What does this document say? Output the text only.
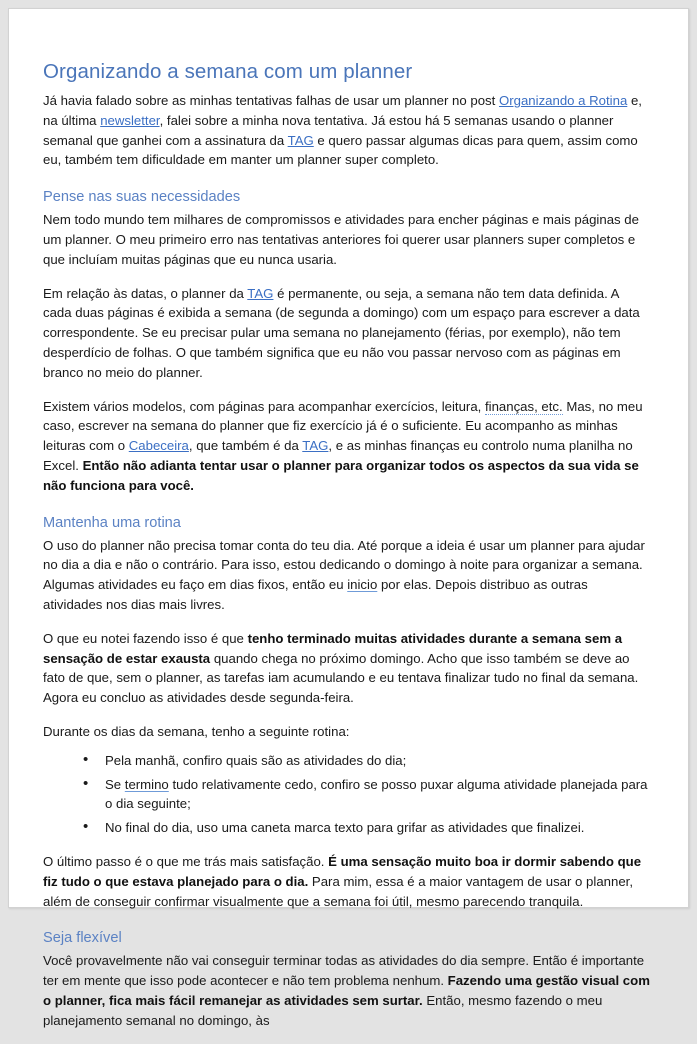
Organizando a semana com um planner

Já havia falado sobre as minhas tentativas falhas de usar um planner no post Organizando a Rotina e, na última newsletter, falei sobre a minha nova tentativa. Já estou há 5 semanas usando o planner semanal que ganhei com a assinatura da TAG e quero passar algumas dicas para quem, assim como eu, também tem dificuldade em manter um planner super completo.

Pense nas suas necessidades

Nem todo mundo tem milhares de compromissos e atividades para encher páginas e mais páginas de um planner. O meu primeiro erro nas tentativas anteriores foi querer usar planners super completos e que incluíam muitas páginas que eu nunca usaria.

Em relação às datas, o planner da TAG é permanente, ou seja, a semana não tem data definida. A cada duas páginas é exibida a semana (de segunda a domingo) com um espaço para escrever a data correspondente. Se eu precisar pular uma semana no planejamento (férias, por exemplo), não tem desperdício de folhas. O que também significa que eu não vou passar nervoso com as páginas em branco no meio do planner.

Existem vários modelos, com páginas para acompanhar exercícios, leitura, finanças, etc. Mas, no meu caso, escrever na semana do planner que fiz exercício já é o suficiente. Eu acompanho as minhas leituras com o Cabeceira, que também é da TAG, e as minhas finanças eu controlo numa planilha no Excel. Então não adianta tentar usar o planner para organizar todos os aspectos da sua vida se não funciona para você.

Mantenha uma rotina

O uso do planner não precisa tomar conta do teu dia. Até porque a ideia é usar um planner para ajudar no dia a dia e não o contrário. Para isso, estou dedicando o domingo à noite para organizar a semana. Algumas atividades eu faço em dias fixos, então eu inicio por elas. Depois distribuo as outras atividades nos dias mais livres.

O que eu notei fazendo isso é que tenho terminado muitas atividades durante a semana sem a sensação de estar exausta quando chega no próximo domingo. Acho que isso também se deve ao fato de que, sem o planner, as tarefas iam acumulando e eu tentava finalizar tudo no final da semana. Agora eu concluo as atividades desde segunda-feira.

Durante os dias da semana, tenho a seguinte rotina:

• Pela manhã, confiro quais são as atividades do dia;
• Se termino tudo relativamente cedo, confiro se posso puxar alguma atividade planejada para o dia seguinte;
• No final do dia, uso uma caneta marca texto para grifar as atividades que finalizei.

O último passo é o que me trás mais satisfação. É uma sensação muito boa ir dormir sabendo que fiz tudo o que estava planejado para o dia. Para mim, essa é a maior vantagem de usar o planner, além de conseguir confirmar visualmente que a semana foi útil, mesmo parecendo tranquila.

Seja flexível

Você provavelmente não vai conseguir terminar todas as atividades do dia sempre. Então é importante ter em mente que isso pode acontecer e não tem problema nenhum. Fazendo uma gestão visual com o planner, fica mais fácil remanejar as atividades sem surtar. Então, mesmo fazendo o meu planejamento semanal no domingo, às
